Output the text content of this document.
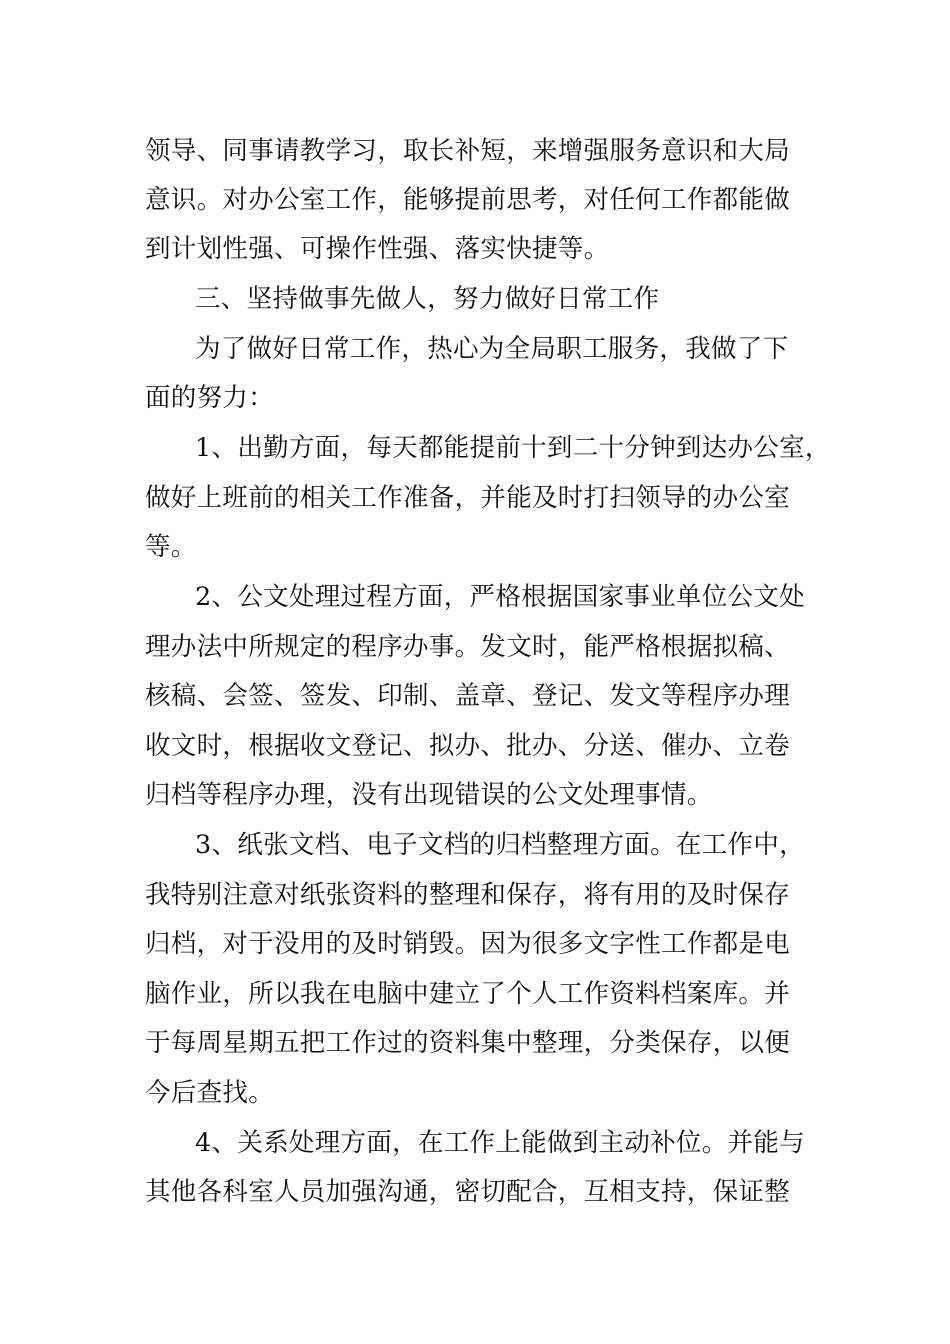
领导、同事请教学习，取长补短，来增强服务意识和大局
意识。对办公室工作，能够提前思考，对任何工作都能做
到计划性强、可操作性强、落实快捷等。
三、坚持做事先做人，努力做好日常工作
为了做好日常工作，热心为全局职工服务，我做了下
面的努力：
1、出勤方面，每天都能提前十到二十分钟到达办公室，
做好上班前的相关工作准备，并能及时打扫领导的办公室
等。
2、公文处理过程方面，严格根据国家事业单位公文处
理办法中所规定的程序办事。发文时，能严格根据拟稿、
核稿、会签、签发、印制、盖章、登记、发文等程序办理
收文时，根据收文登记、拟办、批办、分送、催办、立卷
归档等程序办理，没有出现错误的公文处理事情。
3、纸张文档、电子文档的归档整理方面。在工作中，
我特别注意对纸张资料的整理和保存，将有用的及时保存
归档，对于没用的及时销毁。因为很多文字性工作都是电
脑作业，所以我在电脑中建立了个人工作资料档案库。并
于每周星期五把工作过的资料集中整理，分类保存，以便
今后查找。
4、关系处理方面，在工作上能做到主动补位。并能与
其他各科室人员加强沟通，密切配合，互相支持，保证整
